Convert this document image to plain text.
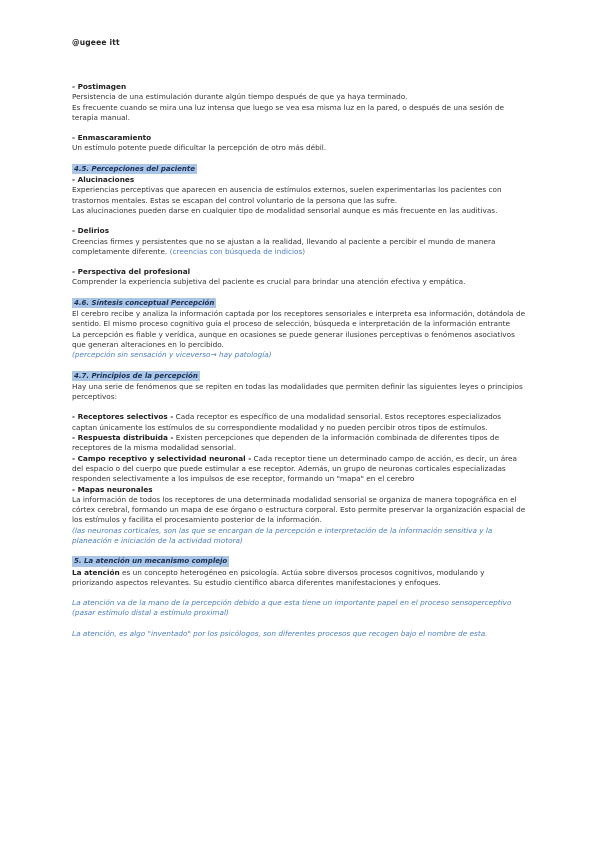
@ugeee itt

- Postimagen

Persistencia de una estimulación durante algún tiempo después de que ya haya terminado.

Es frecuente cuando se mira una luz intensa que luego se vea esa misma luz en la pared, o después de una sesión de terapia manual.

- Enmascaramiento

Un estímulo potente puede dificultar la percepción de otro más débil.

4.5. Percepciones del paciente

- Alucinaciones

Experiencias perceptivas que aparecen en ausencia de estímulos externos, suelen experimentarlas los pacientes con trastornos mentales. Estas se escapan del control voluntario de la persona que las sufre.

Las alucinaciones pueden darse en cualquier tipo de modalidad sensorial aunque es más frecuente en las auditivas.

- Delirios

Creencias firmes y persistentes que no se ajustan a la realidad, llevando al paciente a percibir el mundo de manera completamente diferente. (creencias con búsqueda de indicios)

- Perspectiva del profesional

Comprender la experiencia subjetiva del paciente es crucial para brindar una atención efectiva y empática.

4.6. Síntesis conceptual Percepción

El cerebro recibe y analiza la información captada por los receptores sensoriales e interpreta esa información, dotándola de sentido. El mismo proceso cognitivo guía el proceso de selección, búsqueda e interpretación de la información entrante

La percepción es fiable y verídica, aunque en ocasiones se puede generar ilusiones perceptivas o fenómenos asociativos que generan alteraciones en lo percibido.

(percepción sin sensación y viceverso→ hay patología)

4.7. Principios de la percepción

Hay una serie de fenómenos que se repiten en todas las modalidades que permiten definir las siguientes leyes o principios perceptivos:

- Receptores selectivos - Cada receptor es específico de una modalidad sensorial. Estos receptores especializados captan únicamente los estímulos de su correspondiente modalidad y no pueden percibir otros tipos de estímulos.

- Respuesta distribuida - Existen percepciones que dependen de la información combinada de diferentes tipos de receptores de la misma modalidad sensorial.

- Campo receptivo y selectividad neuronal - Cada receptor tiene un determinado campo de acción, es decir, un área del espacio o del cuerpo que puede estimular a ese receptor. Además, un grupo de neuronas corticales especializadas responden selectivamente a los impulsos de ese receptor, formando un "mapa" en el cerebro

- Mapas neuronales

La información de todos los receptores de una determinada modalidad sensorial se organiza de manera topográfica en el córtex cerebral, formando un mapa de ese órgano o estructura corporal. Esto permite preservar la organización espacial de los estímulos y facilita el procesamiento posterior de la información.

(las neuronas corticales, son las que se encargan de la percepción e interpretación de la información sensitiva y la planeación e iniciación de la actividad motora)

5. La atención un mecanismo complejo

La atención es un concepto heterogéneo en psicología. Actúa sobre diversos procesos cognitivos, modulando y priorizando aspectos relevantes. Su estudio científico abarca diferentes manifestaciones y enfoques.

La atención va de la mano de la percepción debido a que esta tiene un importante papel en el proceso sensoperceptivo (pasar estímulo distal a estímulo proximal)

La atención, es algo "inventado" por los psicólogos, son diferentes procesos que recogen bajo el nombre de esta.
